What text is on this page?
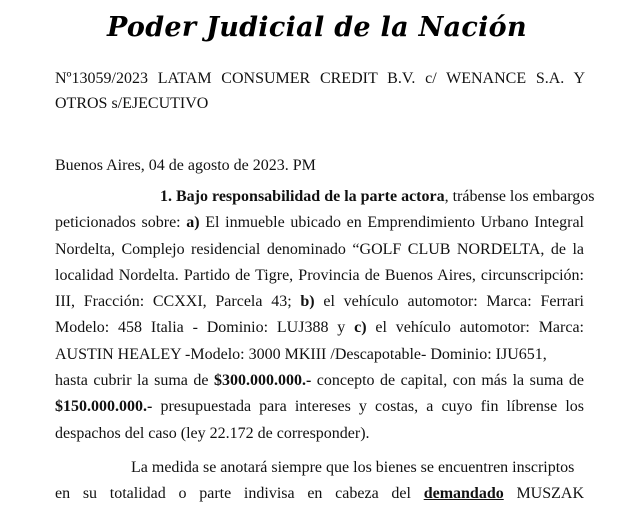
Poder Judicial de la Nación
Nº13059/2023 LATAM CONSUMER CREDIT B.V. c/ WENANCE S.A. Y
OTROS s/EJECUTIVO
Buenos Aires, 04 de agosto de 2023. PM
1. Bajo responsabilidad de la parte actora, trábense los embargos
peticionados sobre: a) El inmueble ubicado en Emprendimiento Urbano Integral
Nordelta, Complejo residencial denominado “GOLF CLUB NORDELTA, de la
localidad Nordelta. Partido de Tigre, Provincia de Buenos Aires, circunscripción:
III, Fracción: CCXXI, Parcela 43; b) el vehículo automotor: Marca: Ferrari
Modelo: 458 Italia - Dominio: LUJ388 y c) el vehículo automotor: Marca:
AUSTIN HEALEY -Modelo: 3000 MKIII /Descapotable- Dominio: IJU651,
hasta cubrir la suma de $300.000.000.- concepto de capital, con más la suma de
$150.000.000.- presupuestada para intereses y costas, a cuyo fin líbrense los
despachos del caso (ley 22.172 de corresponder).
La medida se anotará siempre que los bienes se encuentren inscriptos
en su totalidad o parte indivisa en cabeza del demandado MUSZAK
